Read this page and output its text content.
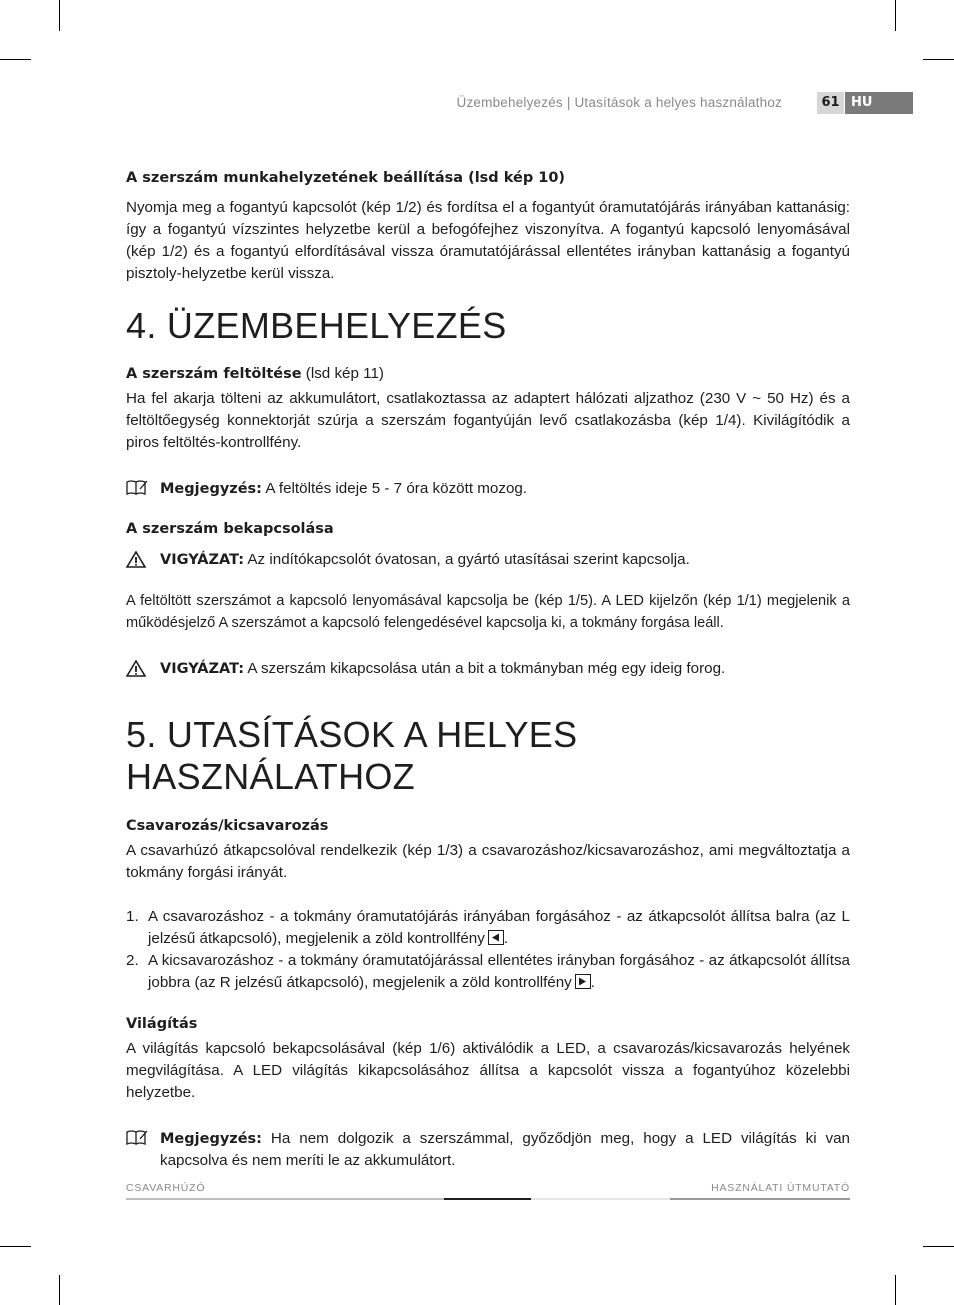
Üzembehelyezés | Utasítások a helyes használathoz	61 HU

A szerszám munkahelyzetének beállítása (lsd kép 10)

Nyomja meg a fogantyú kapcsolót (kép 1/2) és fordítsa el a fogantyút óramutatójárás irányában kattanásig: így a fogantyú vízszintes helyzetbe kerül a befogófejhez viszonyítva. A fogantyú kapcsoló lenyomásával (kép 1/2) és a fogantyú elfordításával vissza óramutatójárással ellentétes irányban kattanásig a fogantyú pisztoly-helyzetbe kerül vissza.

4. ÜZEMBEHELYEZÉS

A szerszám feltöltése (lsd kép 11)

Ha fel akarja tölteni az akkumulátort, csatlakoztassa az adaptert hálózati aljzathoz (230 V ~ 50 Hz) és a feltöltőegység konnektorját szúrja a szerszám fogantyúján levő csatlakozásba (kép 1/4). Kivilágítódik a piros feltöltés-kontrollfény.

Megjegyzés: A feltöltés ideje 5 - 7 óra között mozog.

A szerszám bekapcsolása

VIGYÁZAT: Az indítókapcsolót óvatosan, a gyártó utasításai szerint kapcsolja.

A feltöltött szerszámot a kapcsoló lenyomásával kapcsolja be (kép 1/5). A LED kijelzőn (kép 1/1) megjelenik a működésjelző A szerszámot a kapcsoló felengedésével kapcsolja ki, a tokmány forgása leáll.

VIGYÁZAT: A szerszám kikapcsolása után a bit a tokmányban még egy ideig forog.
5. UTASÍTÁSOK A HELYES HASZNÁLATHOZ

Csavarozás/kicsavarozás

A csavarhúzó átkapcsolóval rendelkezik (kép 1/3) a csavarozáshoz/kicsavarozáshoz, ami megváltoztatja a tokmány forgási irányát.

1. A csavarozáshoz - a tokmány óramutatójárás irányában forgásához - az átkapcsolót állítsa balra (az L jelzésű átkapcsoló), megjelenik a zöld kontrollfény .
2. A kicsavarozáshoz - a tokmány óramutatójárással ellentétes irányban forgásához - az átkapcsolót állítsa jobbra (az R jelzésű átkapcsoló), megjelenik a zöld kontrollfény .

Világítás

A világítás kapcsoló bekapcsolásával (kép 1/6) aktiválódik a LED, a csavarozás/kicsavarozás helyének megvilágítása. A LED világítás kikapcsolásához állítsa a kapcsolót vissza a fogantyúhoz közelebbi helyzetbe.

Megjegyzés: Ha nem dolgozik a szerszámmal, győződjön meg, hogy a LED világítás ki van kapcsolva és nem meríti le az akkumulátort.
CSAVARHÚZÓ	HASZNÁLATI ÚTMUTATÓ
